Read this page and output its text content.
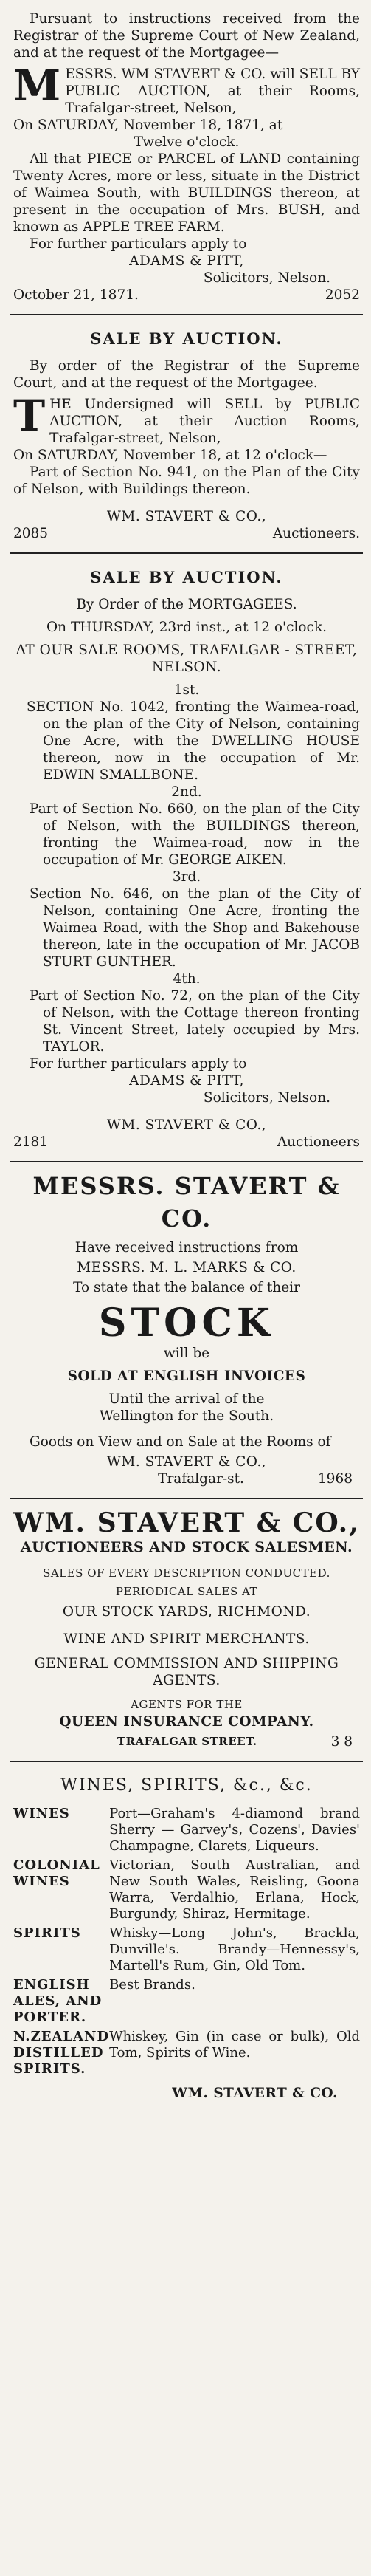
Pursuant to instructions received from the Registrar of the Supreme Court of New Zealand, and at the request of the Mortgagee—
M ESSRS. WM STAVERT & CO. will SELL BY PUBLIC AUCTION, at their Rooms, Trafalgar-street, Nelson,
On SATURDAY, November 18, 1871, at
Twelve o'clock.
All that PIECE or PARCEL of LAND containing Twenty Acres, more or less, situate in the District of Waimea South, with BUILDINGS thereon, at present in the occupation of Mrs. BUSH, and known as APPLE TREE FARM.
For further particulars apply to
ADAMS & PITT,
Solicitors, Nelson.
October 21, 1871.	2052
SALE BY AUCTION.
By order of the Registrar of the Supreme Court, and at the request of the Mortgagee.
T HE Undersigned will SELL by PUBLIC AUCTION, at their Auction Rooms, Trafalgar-street, Nelson,
On SATURDAY, November 18, at 12 o'clock—
Part of Section No. 941, on the Plan of the City of Nelson, with Buildings thereon.
WM. STAVERT & CO.,
2085	Auctioneers.
SALE BY AUCTION.
By Order of the MORTGAGEES.
On THURSDAY, 23rd inst., at 12 o'clock.
AT OUR SALE ROOMS, TRAFALGAR - STREET, NELSON.
1st.
SECTION No. 1042, fronting the Waimea-road, on the plan of the City of Nelson, containing One Acre, with the DWELLING HOUSE thereon, now in the occupation of Mr. EDWIN SMALLBONE.
2nd.
Part of Section No. 660, on the plan of the City of Nelson, with the BUILDINGS thereon, fronting the Waimea-road, now in the occupation of Mr. GEORGE AIKEN.
3rd.
Section No. 646, on the plan of the City of Nelson, containing One Acre, fronting the Waimea Road, with the Shop and Bakehouse thereon, late in the occupation of Mr. JACOB STURT GUNTHER.
4th.
Part of Section No. 72, on the plan of the City of Nelson, with the Cottage thereon fronting St. Vincent Street, lately occupied by Mrs. TAYLOR.
For further particulars apply to
ADAMS & PITT,
Solicitors, Nelson.
WM. STAVERT & CO.,
2181	Auctioneers
MESSRS. STAVERT & CO.
Have received instructions from
MESSRS. M. L. MARKS & CO.
To state that the balance of their
STOCK
will be
SOLD AT ENGLISH INVOICES
Until the arrival of the Wellington for the South.
Goods on View and on Sale at the Rooms of
WM. STAVERT & CO.,
Trafalgar-st.	1968
WM. STAVERT & CO.,
AUCTIONEERS AND STOCK SALESMEN.
SALES OF EVERY DESCRIPTION CONDUCTED.
PERIODICAL SALES AT
OUR STOCK YARDS, RICHMOND.
WINE AND SPIRIT MERCHANTS.
GENERAL COMMISSION AND SHIPPING AGENTS.
AGENTS FOR THE
QUEEN INSURANCE COMPANY.
TRAFALGAR STREET.	3 8
WINES, SPIRITS, &c., &c.
WINES	Port—Graham's 4-diamond brand Sherry — Garvey's, Cozens', Davies' Champagne, Clarets, Liqueurs.
COLONIAL WINES	Victorian, South Australian, and New South Wales, Reisling, Goona Warra, Verdalhio, Erlana, Hock, Burgundy, Shiraz, Hermitage.
SPIRITS	Whisky—Long John's, Brackla, Dunville's. Brandy—Hennessy's, Martell's Rum, Gin, Old Tom.
ENGLISH ALES, AND PORTER.	Best Brands.
N.ZEALAND DISTILLED SPIRITS.	Whiskey, Gin (in case or bulk), Old Tom, Spirits of Wine.
WM. STAVERT & CO.
